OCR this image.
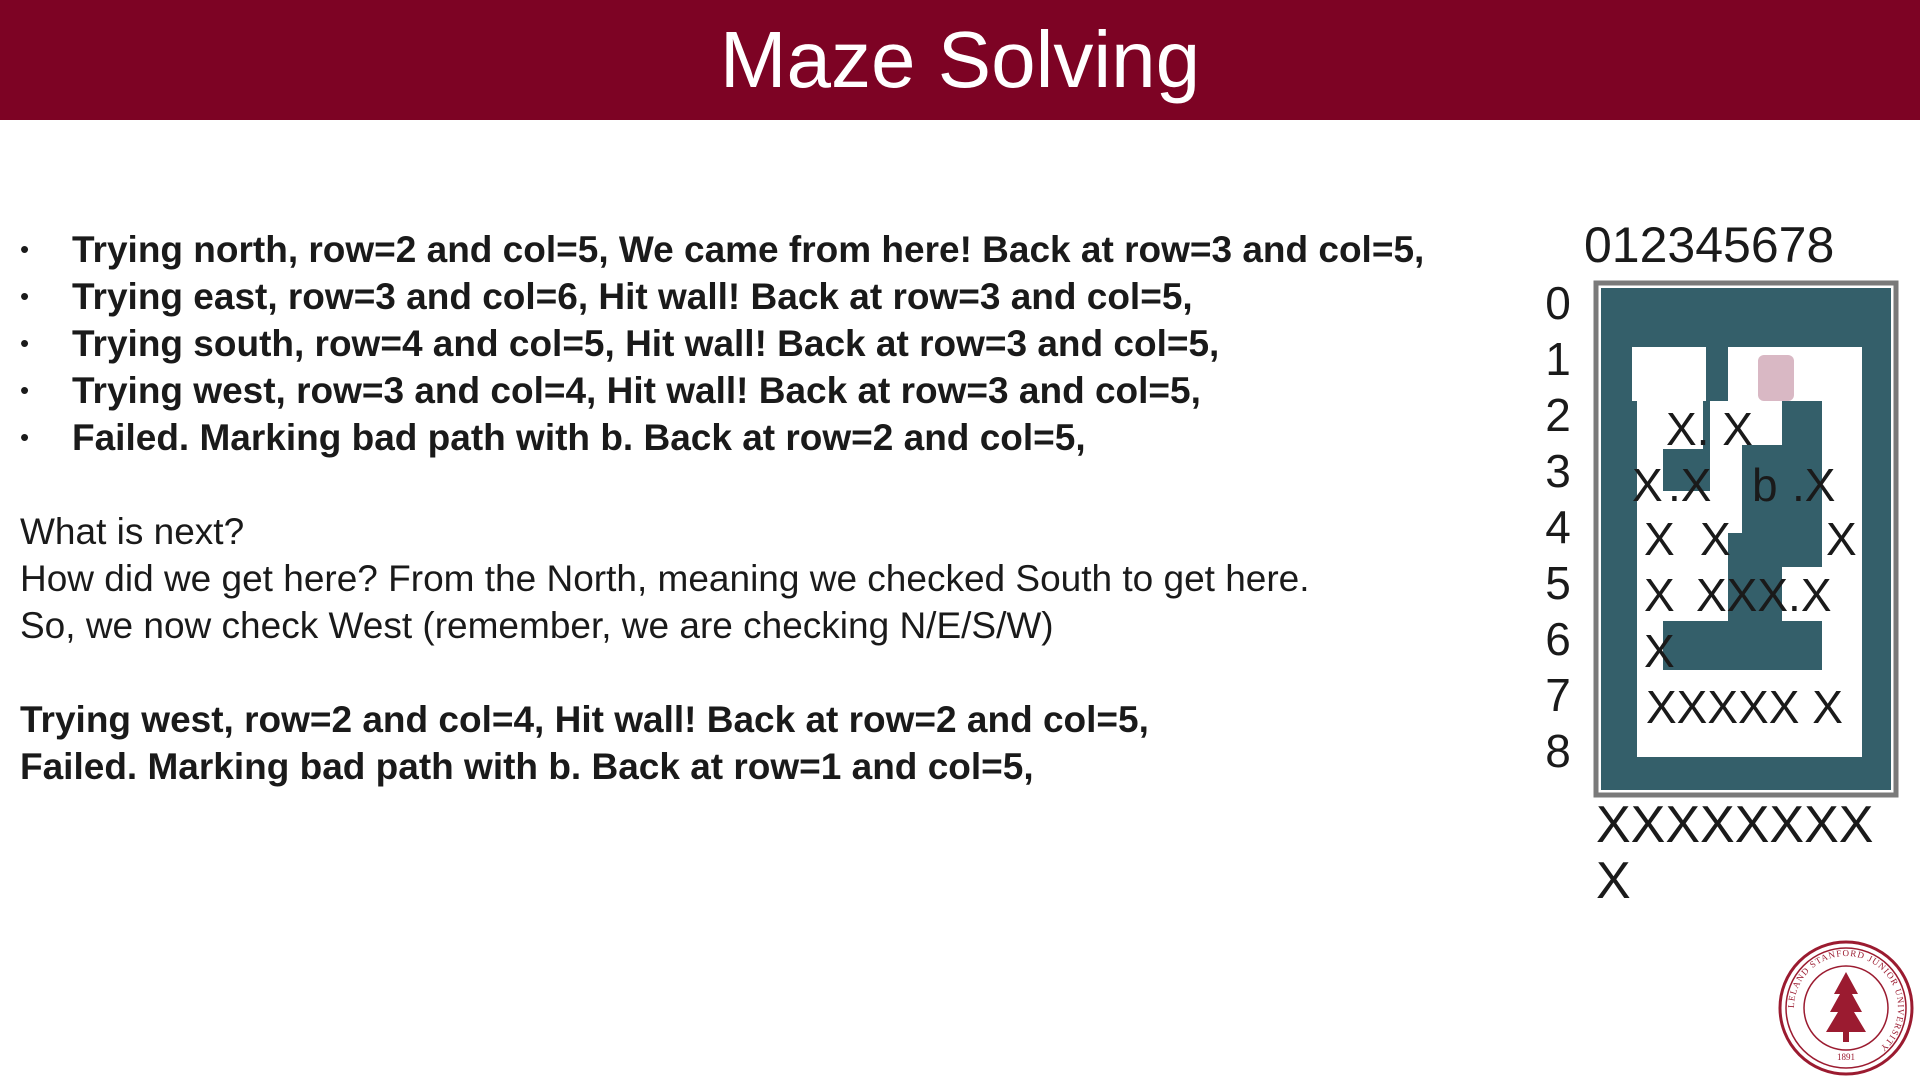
Maze Solving
• Trying north, row=2 and col=5, We came from here! Back at row=3 and col=5,
• Trying east, row=3 and col=6, Hit wall! Back at row=3 and col=5,
• Trying south, row=4 and col=5, Hit wall! Back at row=3 and col=5,
• Trying west, row=3 and col=4, Hit wall! Back at row=3 and col=5,
• Failed. Marking bad path with b. Back at row=2 and col=5,

What is next?

How did we get here? From the North, meaning we checked South to get here.

So, we now check West (remember, we are checking N/E/S/W)

Trying west, row=2 and col=4, Hit wall! Back at row=2 and col=5,

Failed. Marking bad path with b. Back at row=1 and col=5,

012345678
0
1
2
3
4
5
6
7
8
X. X
X .X b .X
X X X
X XXX.X
X
XXXXX X
XXXXXXXX
X
LELAND STANFORD JUNIOR UNIVERSITY
1891
